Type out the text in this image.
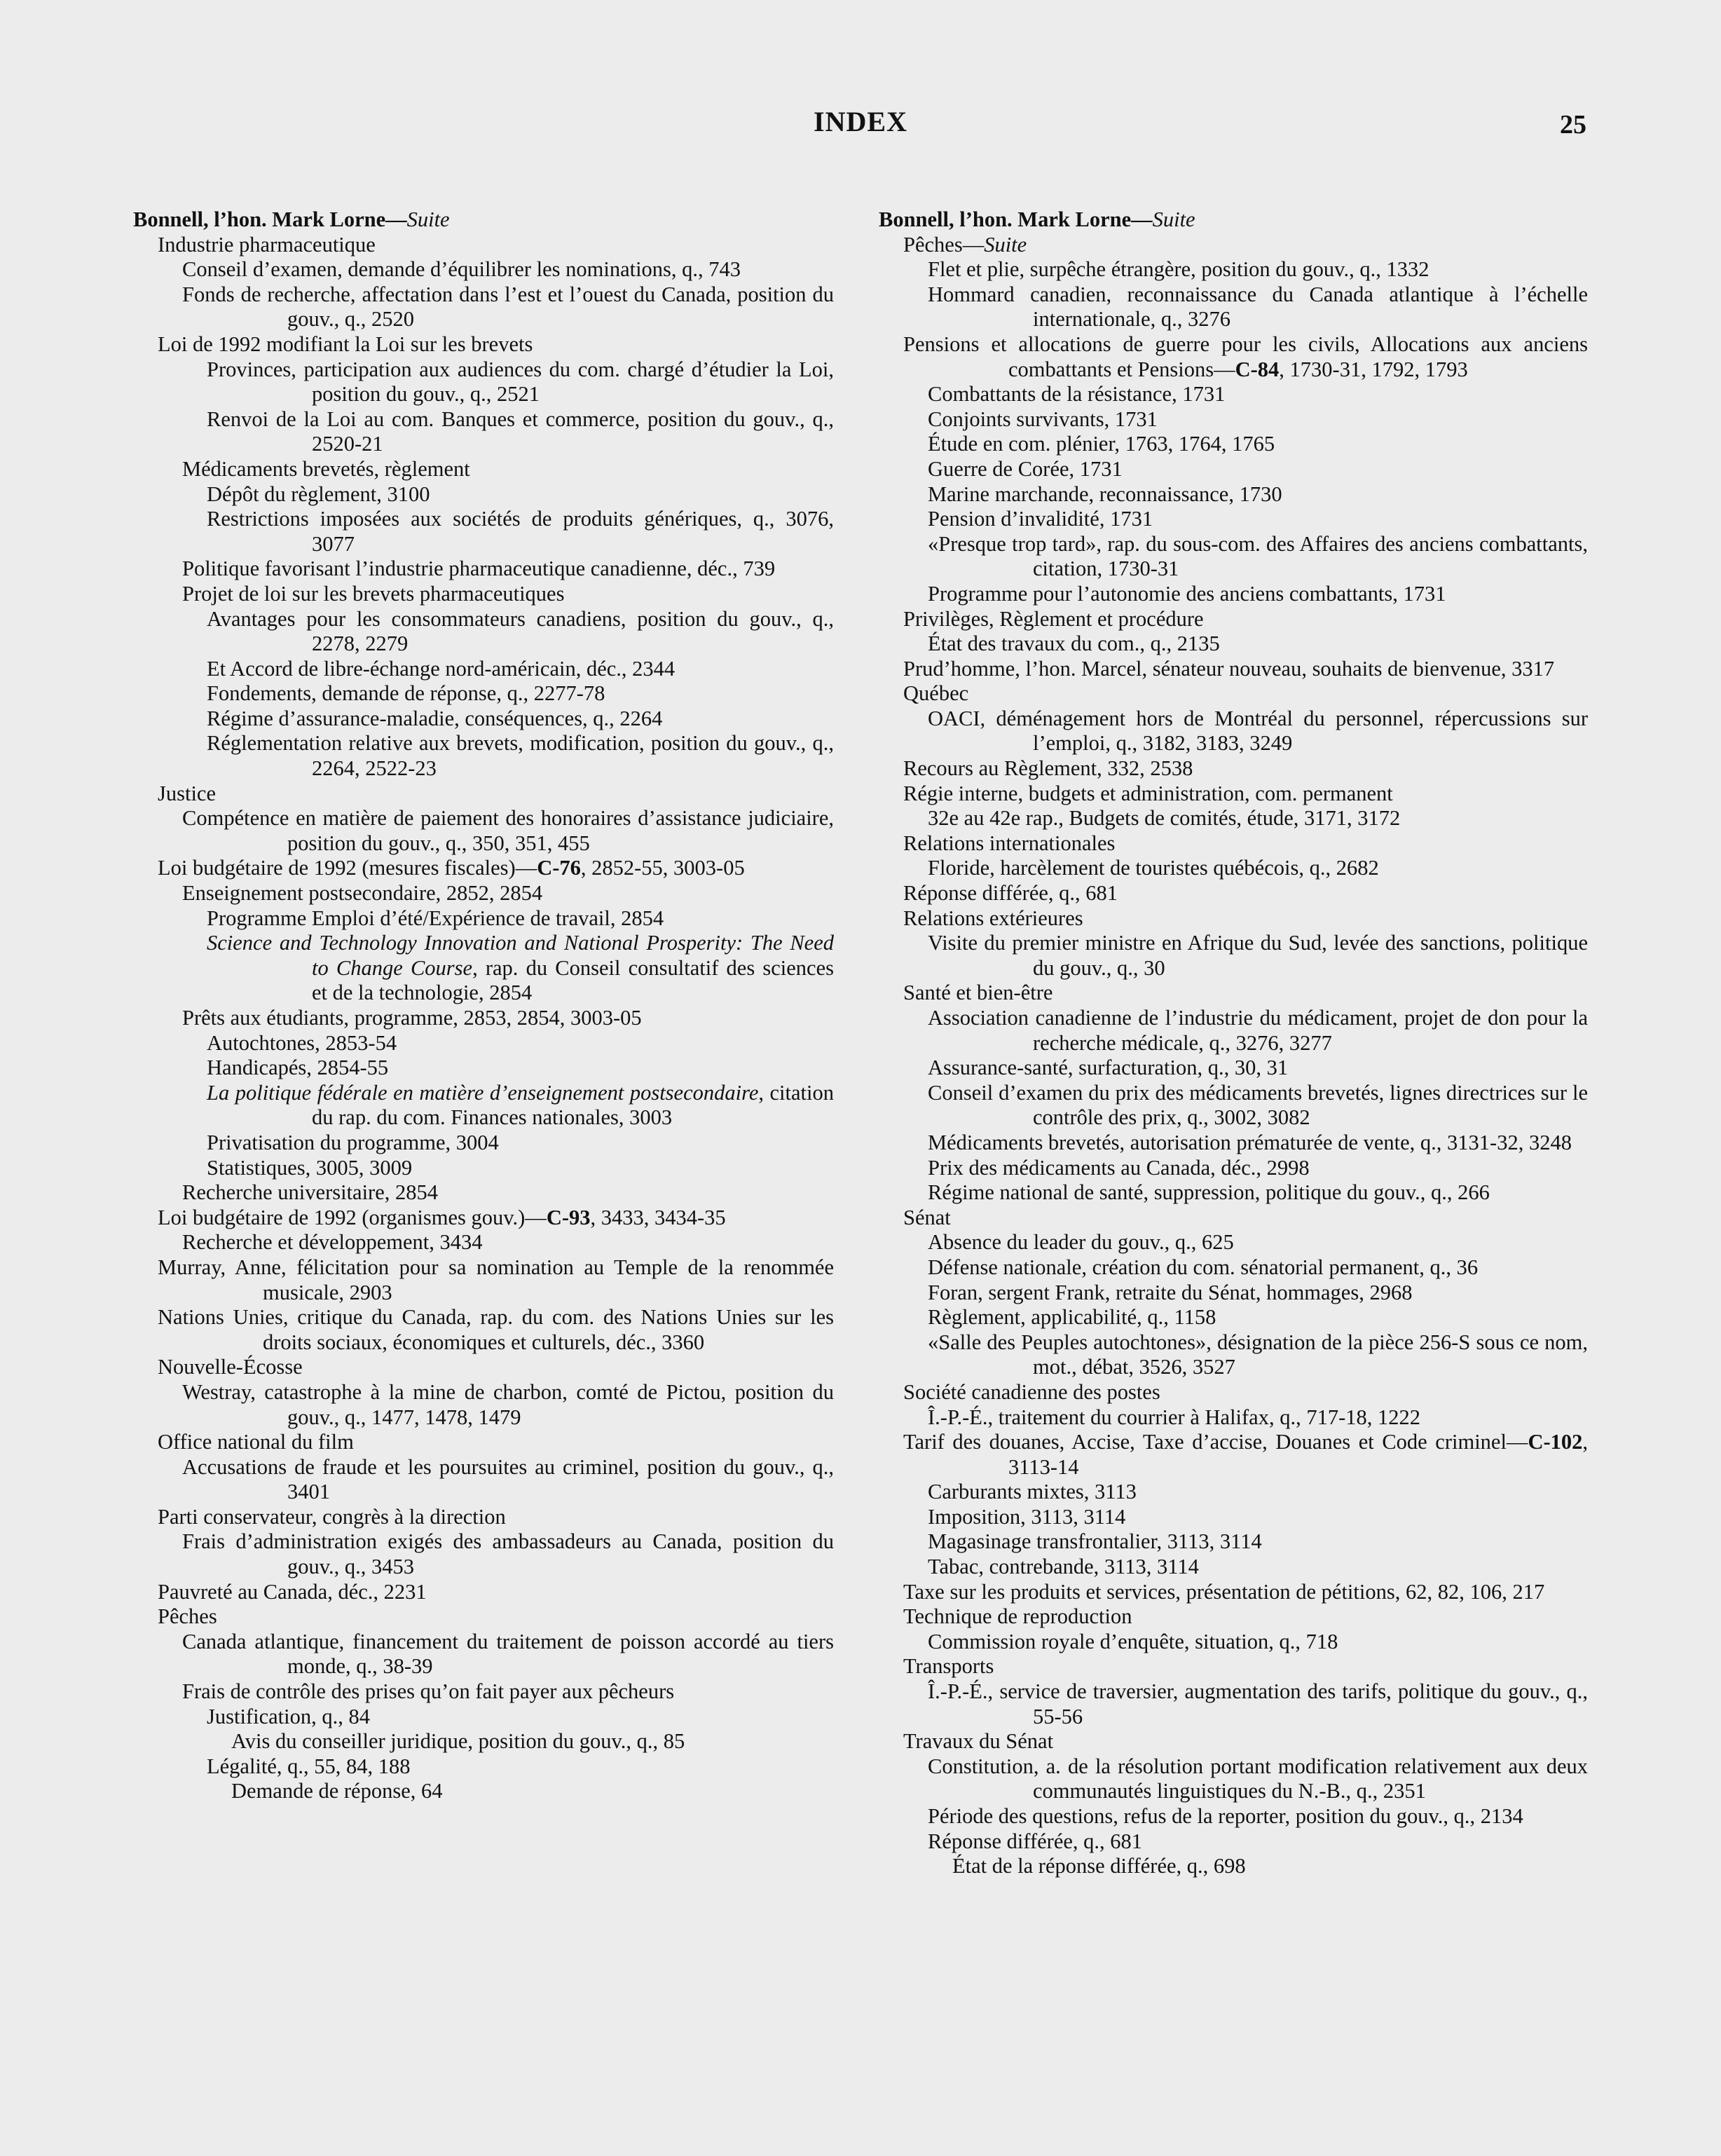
INDEX	25
Bonnell, l’hon. Mark Lorne—Suite
Industrie pharmaceutique
Conseil d’examen, demande d’équilibrer les nominations, q., 743
Fonds de recherche, affectation dans l’est et l’ouest du Canada, position du gouv., q., 2520
Loi de 1992 modifiant la Loi sur les brevets
Provinces, participation aux audiences du com. chargé d’étudier la Loi, position du gouv., q., 2521
Renvoi de la Loi au com. Banques et commerce, position du gouv., q., 2520-21
Médicaments brevetés, règlement
Dépôt du règlement, 3100
Restrictions imposées aux sociétés de produits génériques, q., 3076, 3077
Politique favorisant l’industrie pharmaceutique canadienne, déc., 739
Projet de loi sur les brevets pharmaceutiques
Avantages pour les consommateurs canadiens, position du gouv., q., 2278, 2279
Et Accord de libre-échange nord-américain, déc., 2344
Fondements, demande de réponse, q., 2277-78
Régime d’assurance-maladie, conséquences, q., 2264
Réglementation relative aux brevets, modification, position du gouv., q., 2264, 2522-23
Justice
Compétence en matière de paiement des honoraires d’assistance judiciaire, position du gouv., q., 350, 351, 455
Loi budgétaire de 1992 (mesures fiscales)—C-76, 2852-55, 3003-05
Enseignement postsecondaire, 2852, 2854
Programme Emploi d’été/Expérience de travail, 2854
Science and Technology Innovation and National Prosperity: The Need to Change Course, rap. du Conseil consultatif des sciences et de la technologie, 2854
Prêts aux étudiants, programme, 2853, 2854, 3003-05
Autochtones, 2853-54
Handicapés, 2854-55
La politique fédérale en matière d’enseignement postsecondaire, citation du rap. du com. Finances nationales, 3003
Privatisation du programme, 3004
Statistiques, 3005, 3009
Recherche universitaire, 2854
Loi budgétaire de 1992 (organismes gouv.)—C-93, 3433, 3434-35
Recherche et développement, 3434
Murray, Anne, félicitation pour sa nomination au Temple de la renommée musicale, 2903
Nations Unies, critique du Canada, rap. du com. des Nations Unies sur les droits sociaux, économiques et culturels, déc., 3360
Nouvelle-Écosse
Westray, catastrophe à la mine de charbon, comté de Pictou, position du gouv., q., 1477, 1478, 1479
Office national du film
Accusations de fraude et les poursuites au criminel, position du gouv., q., 3401
Parti conservateur, congrès à la direction
Frais d’administration exigés des ambassadeurs au Canada, position du gouv., q., 3453
Pauvreté au Canada, déc., 2231
Pêches
Canada atlantique, financement du traitement de poisson accordé au tiers monde, q., 38-39
Frais de contrôle des prises qu’on fait payer aux pêcheurs
Justification, q., 84
Avis du conseiller juridique, position du gouv., q., 85
Légalité, q., 55, 84, 188
Demande de réponse, 64
Bonnell, l’hon. Mark Lorne—Suite
Pêches—Suite
Flet et plie, surpêche étrangère, position du gouv., q., 1332
Hommard canadien, reconnaissance du Canada atlantique à l’échelle internationale, q., 3276
Pensions et allocations de guerre pour les civils, Allocations aux anciens combattants et Pensions—C-84, 1730-31, 1792, 1793
Combattants de la résistance, 1731
Conjoints survivants, 1731
Étude en com. plénier, 1763, 1764, 1765
Guerre de Corée, 1731
Marine marchande, reconnaissance, 1730
Pension d’invalidité, 1731
«Presque trop tard», rap. du sous-com. des Affaires des anciens combattants, citation, 1730-31
Programme pour l’autonomie des anciens combattants, 1731
Privilèges, Règlement et procédure
État des travaux du com., q., 2135
Prud’homme, l’hon. Marcel, sénateur nouveau, souhaits de bienvenue, 3317
Québec
OACI, déménagement hors de Montréal du personnel, répercussions sur l’emploi, q., 3182, 3183, 3249
Recours au Règlement, 332, 2538
Régie interne, budgets et administration, com. permanent
32e au 42e rap., Budgets de comités, étude, 3171, 3172
Relations internationales
Floride, harcèlement de touristes québécois, q., 2682
Réponse différée, q., 681
Relations extérieures
Visite du premier ministre en Afrique du Sud, levée des sanctions, politique du gouv., q., 30
Santé et bien-être
Association canadienne de l’industrie du médicament, projet de don pour la recherche médicale, q., 3276, 3277
Assurance-santé, surfacturation, q., 30, 31
Conseil d’examen du prix des médicaments brevetés, lignes directrices sur le contrôle des prix, q., 3002, 3082
Médicaments brevetés, autorisation prématurée de vente, q., 3131-32, 3248
Prix des médicaments au Canada, déc., 2998
Régime national de santé, suppression, politique du gouv., q., 266
Sénat
Absence du leader du gouv., q., 625
Défense nationale, création du com. sénatorial permanent, q., 36
Foran, sergent Frank, retraite du Sénat, hommages, 2968
Règlement, applicabilité, q., 1158
«Salle des Peuples autochtones», désignation de la pièce 256-S sous ce nom, mot., débat, 3526, 3527
Société canadienne des postes
Î.-P.-É., traitement du courrier à Halifax, q., 717-18, 1222
Tarif des douanes, Accise, Taxe d’accise, Douanes et Code criminel—C-102, 3113-14
Carburants mixtes, 3113
Imposition, 3113, 3114
Magasinage transfrontalier, 3113, 3114
Tabac, contrebande, 3113, 3114
Taxe sur les produits et services, présentation de pétitions, 62, 82, 106, 217
Technique de reproduction
Commission royale d’enquête, situation, q., 718
Transports
Î.-P.-É., service de traversier, augmentation des tarifs, politique du gouv., q., 55-56
Travaux du Sénat
Constitution, a. de la résolution portant modification relativement aux deux communautés linguistiques du N.-B., q., 2351
Période des questions, refus de la reporter, position du gouv., q., 2134
Réponse différée, q., 681
État de la réponse différée, q., 698
